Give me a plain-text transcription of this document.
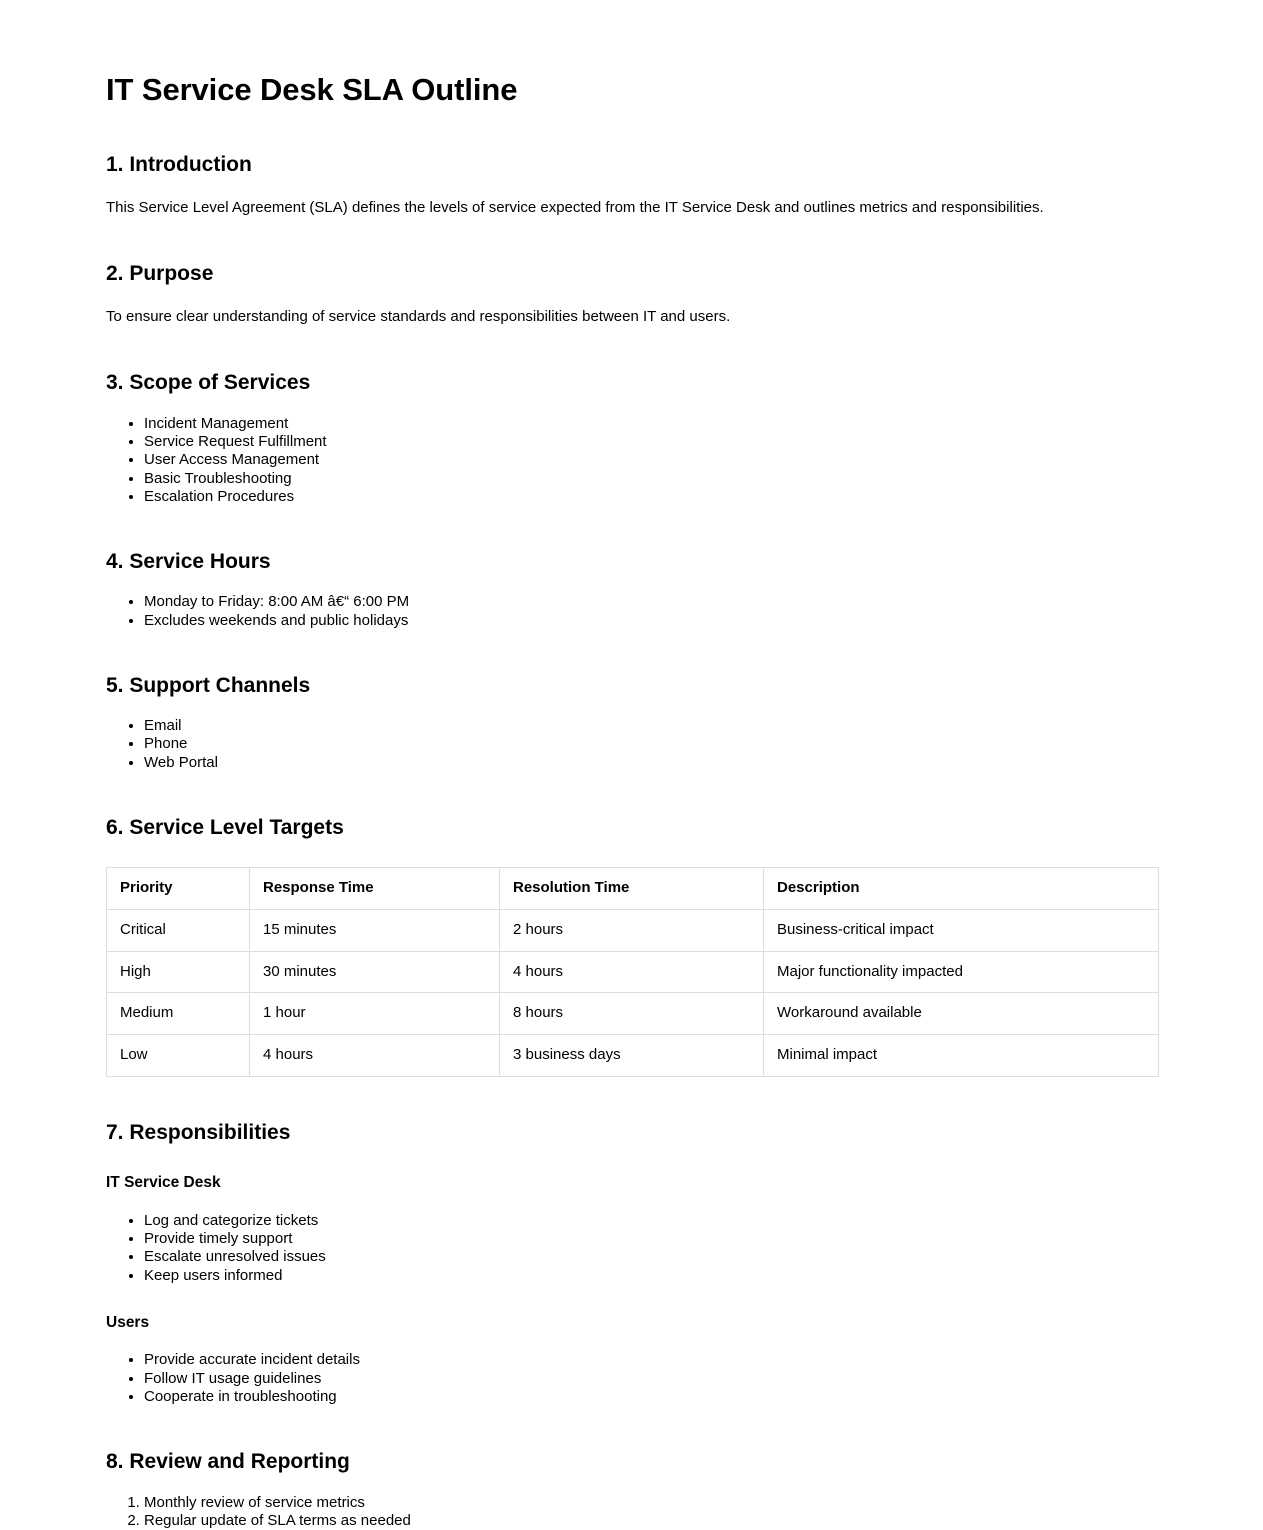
IT Service Desk SLA Outline
1. Introduction

This Service Level Agreement (SLA) defines the levels of service expected from the IT Service Desk and outlines metrics and responsibilities.

2. Purpose

To ensure clear understanding of service standards and responsibilities between IT and users.

3. Scope of Services
• Incident Management
• Service Request Fulfillment
• User Access Management
• Basic Troubleshooting
• Escalation Procedures
4. Service Hours
• Monday to Friday: 8:00 AM â€“ 6:00 PM
• Excludes weekends and public holidays
5. Support Channels
• Email
• Phone
• Web Portal
6. Service Level Targets
Priority	Response Time	Resolution Time	Description
Critical	15 minutes	2 hours	Business-critical impact
High	30 minutes	4 hours	Major functionality impacted
Medium	1 hour	8 hours	Workaround available
Low	4 hours	3 business days	Minimal impact
7. Responsibilities
IT Service Desk
• Log and categorize tickets
• Provide timely support
• Escalate unresolved issues
• Keep users informed
Users
• Provide accurate incident details
• Follow IT usage guidelines
• Cooperate in troubleshooting
8. Review and Reporting
1. Monthly review of service metrics
2. Regular update of SLA terms as needed
